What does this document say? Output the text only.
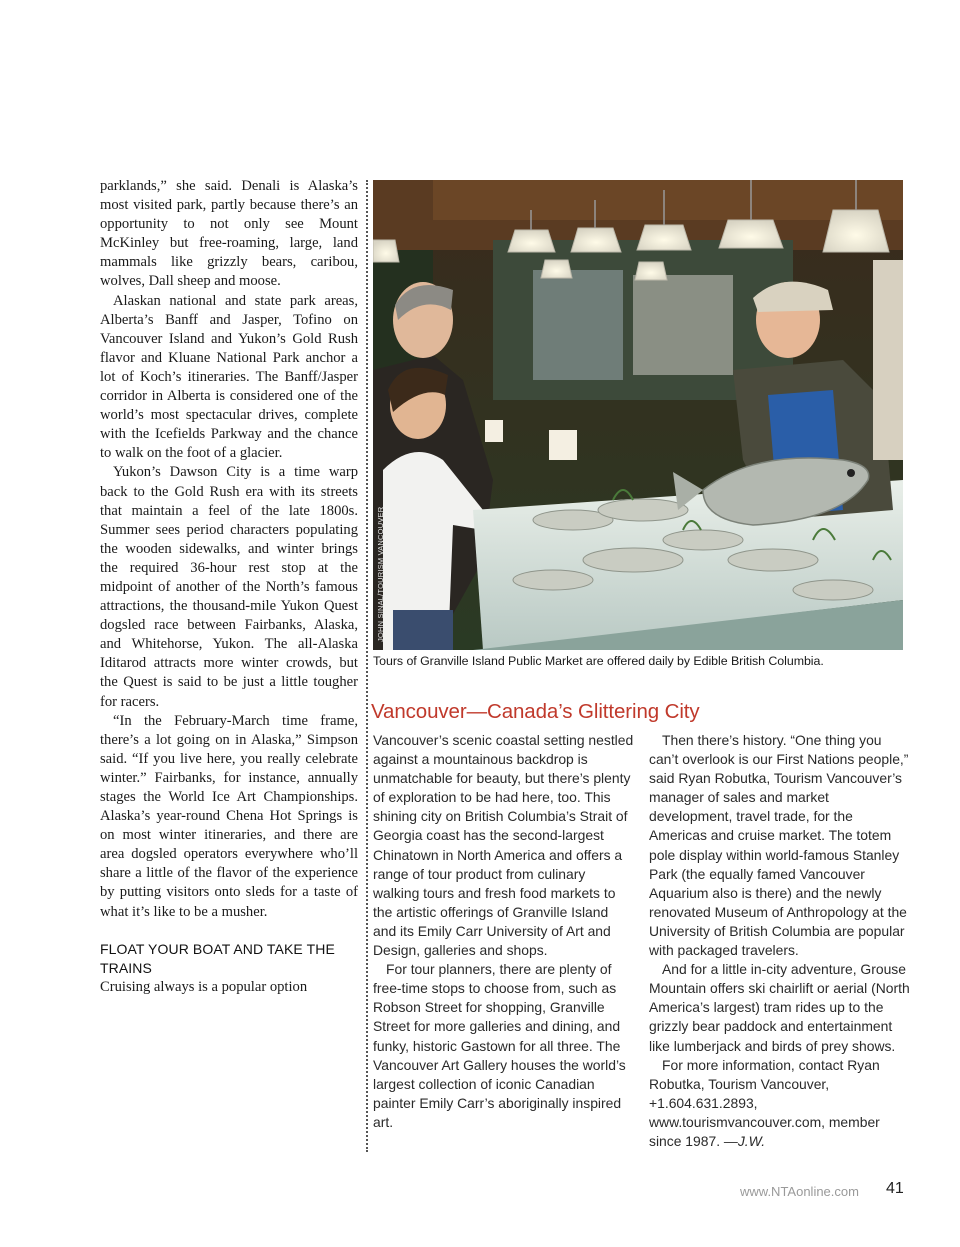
parklands,” she said. Denali is Alaska’s most visited park, partly because there’s an opportunity to not only see Mount McKinley but free-roaming, large, land mammals like grizzly bears, caribou, wolves, Dall sheep and moose.

Alaskan national and state park areas, Alberta’s Banff and Jasper, Tofino on Vancouver Island and Yukon’s Gold Rush flavor and Kluane National Park anchor a lot of Koch’s itineraries. The Banff/Jasper corridor in Alberta is considered one of the world’s most spectacular drives, complete with the Icefields Parkway and the chance to walk on the foot of a glacier.

Yukon’s Dawson City is a time warp back to the Gold Rush era with its streets that maintain a feel of the late 1800s. Summer sees period characters populating the wooden sidewalks, and winter brings the required 36-hour rest stop at the midpoint of another of the North’s famous attractions, the thousand-mile Yukon Quest dogsled race between Fairbanks, Alaska, and Whitehorse, Yukon. The all-Alaska Iditarod attracts more winter crowds, but the Quest is said to be just a little tougher for racers.

“In the February-March time frame, there’s a lot going on in Alaska,” Simpson said. “If you live here, you really celebrate winter.” Fairbanks, for instance, annually stages the World Ice Art Championships. Alaska’s year-round Chena Hot Springs is on most winter itineraries, and there are area dogsled operators everywhere who’ll share a little of the flavor of the experience by putting visitors onto sleds for a taste of what it’s like to be a musher.

FLOAT YOUR BOAT AND TAKE THE TRAINS

Cruising always is a popular option

JOHN SINAL/TOURISM VANCOUVER
Tours of Granville Island Public Market are offered daily by Edible British Columbia.
Vancouver—Canada’s Glittering City

Vancouver’s scenic coastal setting nestled against a mountainous backdrop is unmatchable for beauty, but there’s plenty of exploration to be had here, too. This shining city on British Columbia’s Strait of Georgia coast has the second-largest Chinatown in North America and offers a range of tour product from culinary walking tours and fresh food markets to the artistic offerings of Granville Island and its Emily Carr University of Art and Design, galleries and shops.

For tour planners, there are plenty of free-time stops to choose from, such as Robson Street for shopping, Granville Street for more galleries and dining, and funky, historic Gastown for all three. The Vancouver Art Gallery houses the world’s largest collection of iconic Canadian painter Emily Carr’s aboriginally inspired art.

Then there’s history. “One thing you can’t overlook is our First Nations people,” said Ryan Robutka, Tourism Vancouver’s manager of sales and market development, travel trade, for the Americas and cruise market. The totem pole display within world-famous Stanley Park (the equally famed Vancouver Aquarium also is there) and the newly renovated Museum of Anthropology at the University of British Columbia are popular with packaged travelers.

And for a little in-city adventure, Grouse Mountain offers ski chairlift or aerial (North America’s largest) tram rides up to the grizzly bear paddock and entertainment like lumberjack and birds of prey shows.

For more information, contact Ryan Robutka, Tourism Vancouver, +1.604.631.2893, www.tourismvancouver.com, member since 1987. —J.W.

www.NTAonline.com 41
